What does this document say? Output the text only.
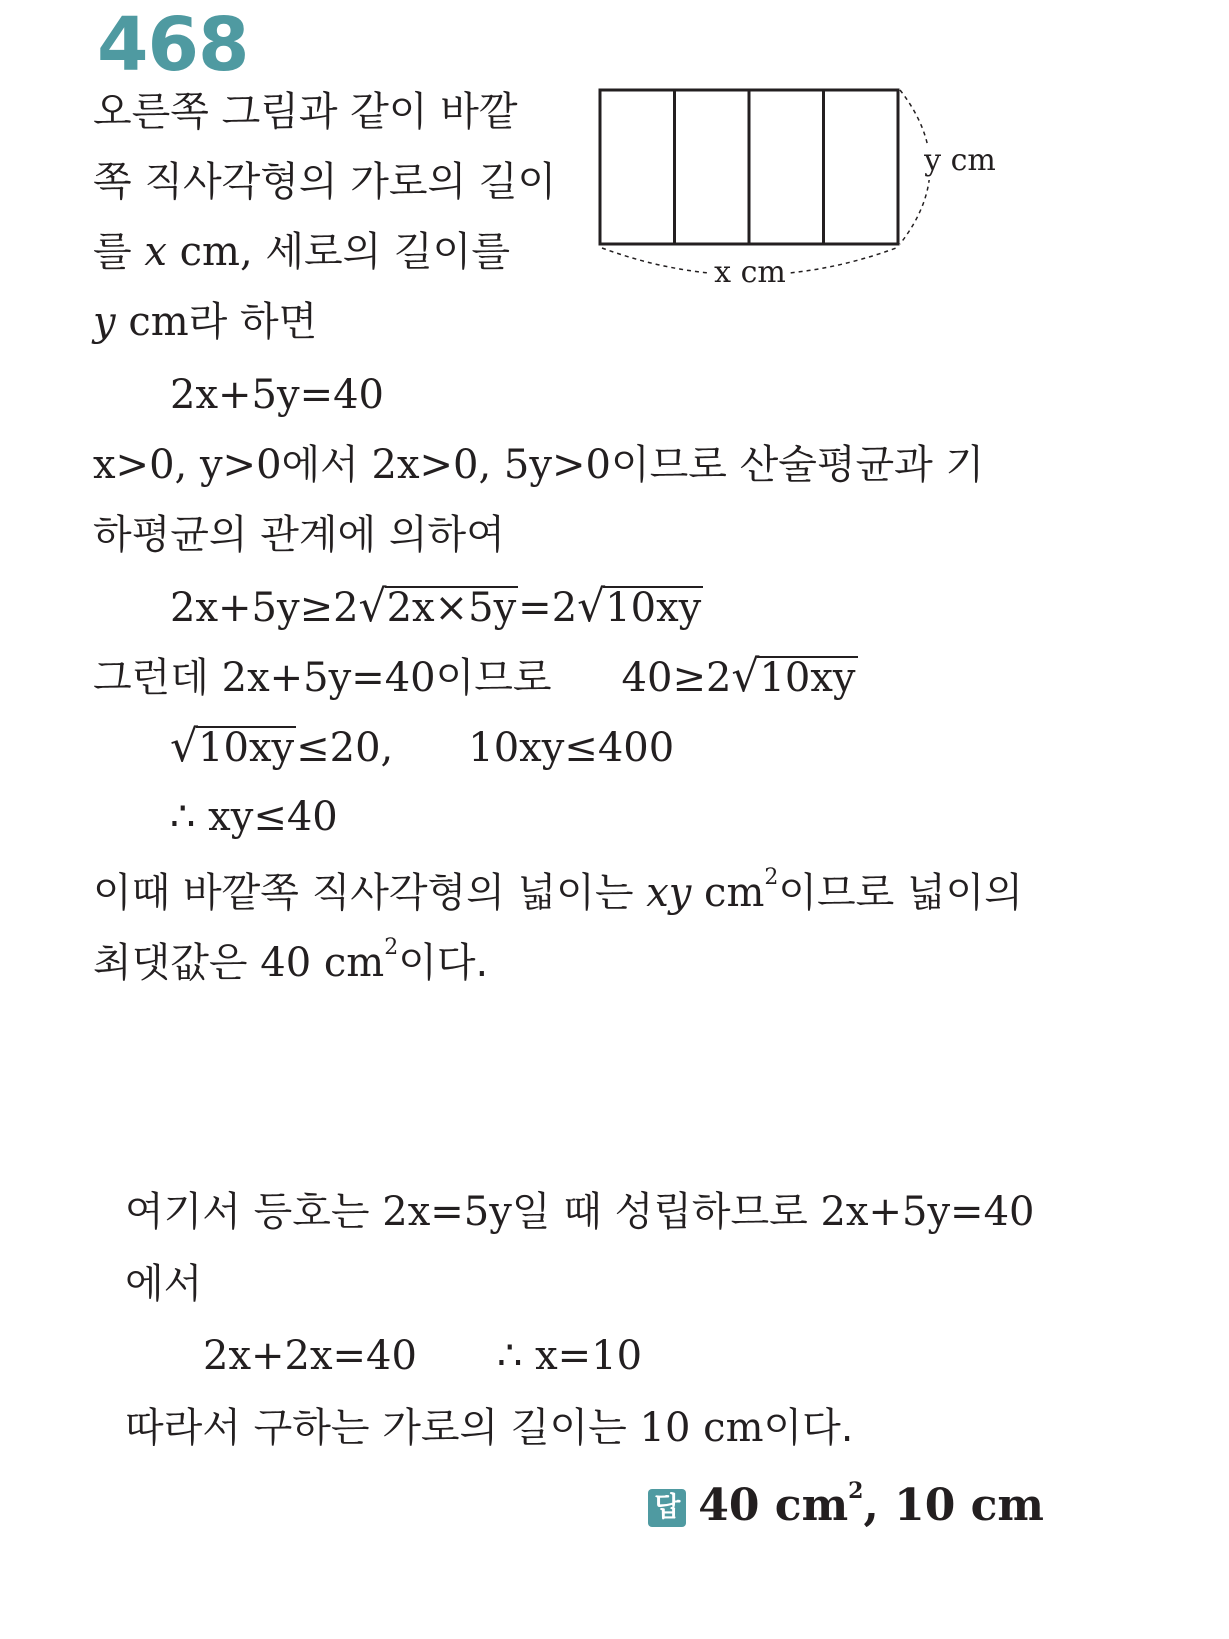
468
x cm
y cm
오른쪽 그림과 같이 바깥
쪽 직사각형의 가로의 길이
를 x cm, 세로의 길이를
y cm라 하면
2x+5y=40
x>0, y>0에서 2x>0, 5y>0이므로 산술평균과 기
하평균의 관계에 의하여
2x+5y≥2√2x×5y=2√10xy
그런데 2x+5y=40이므로 40≥2√10xy
√10xy≤20, 10xy≤400
∴ xy≤40
이때 바깥쪽 직사각형의 넓이는 xy $cm^2$이므로 넓이의
최댓값은 40 $cm^2$이다.
여기서 등호는 2x=5y일 때 성립하므로 2x+5y=40
에서
2x+2x=40 ∴ x=10
따라서 구하는 가로의 길이는 10 cm이다.
답 40 $cm^2$, 10 cm
